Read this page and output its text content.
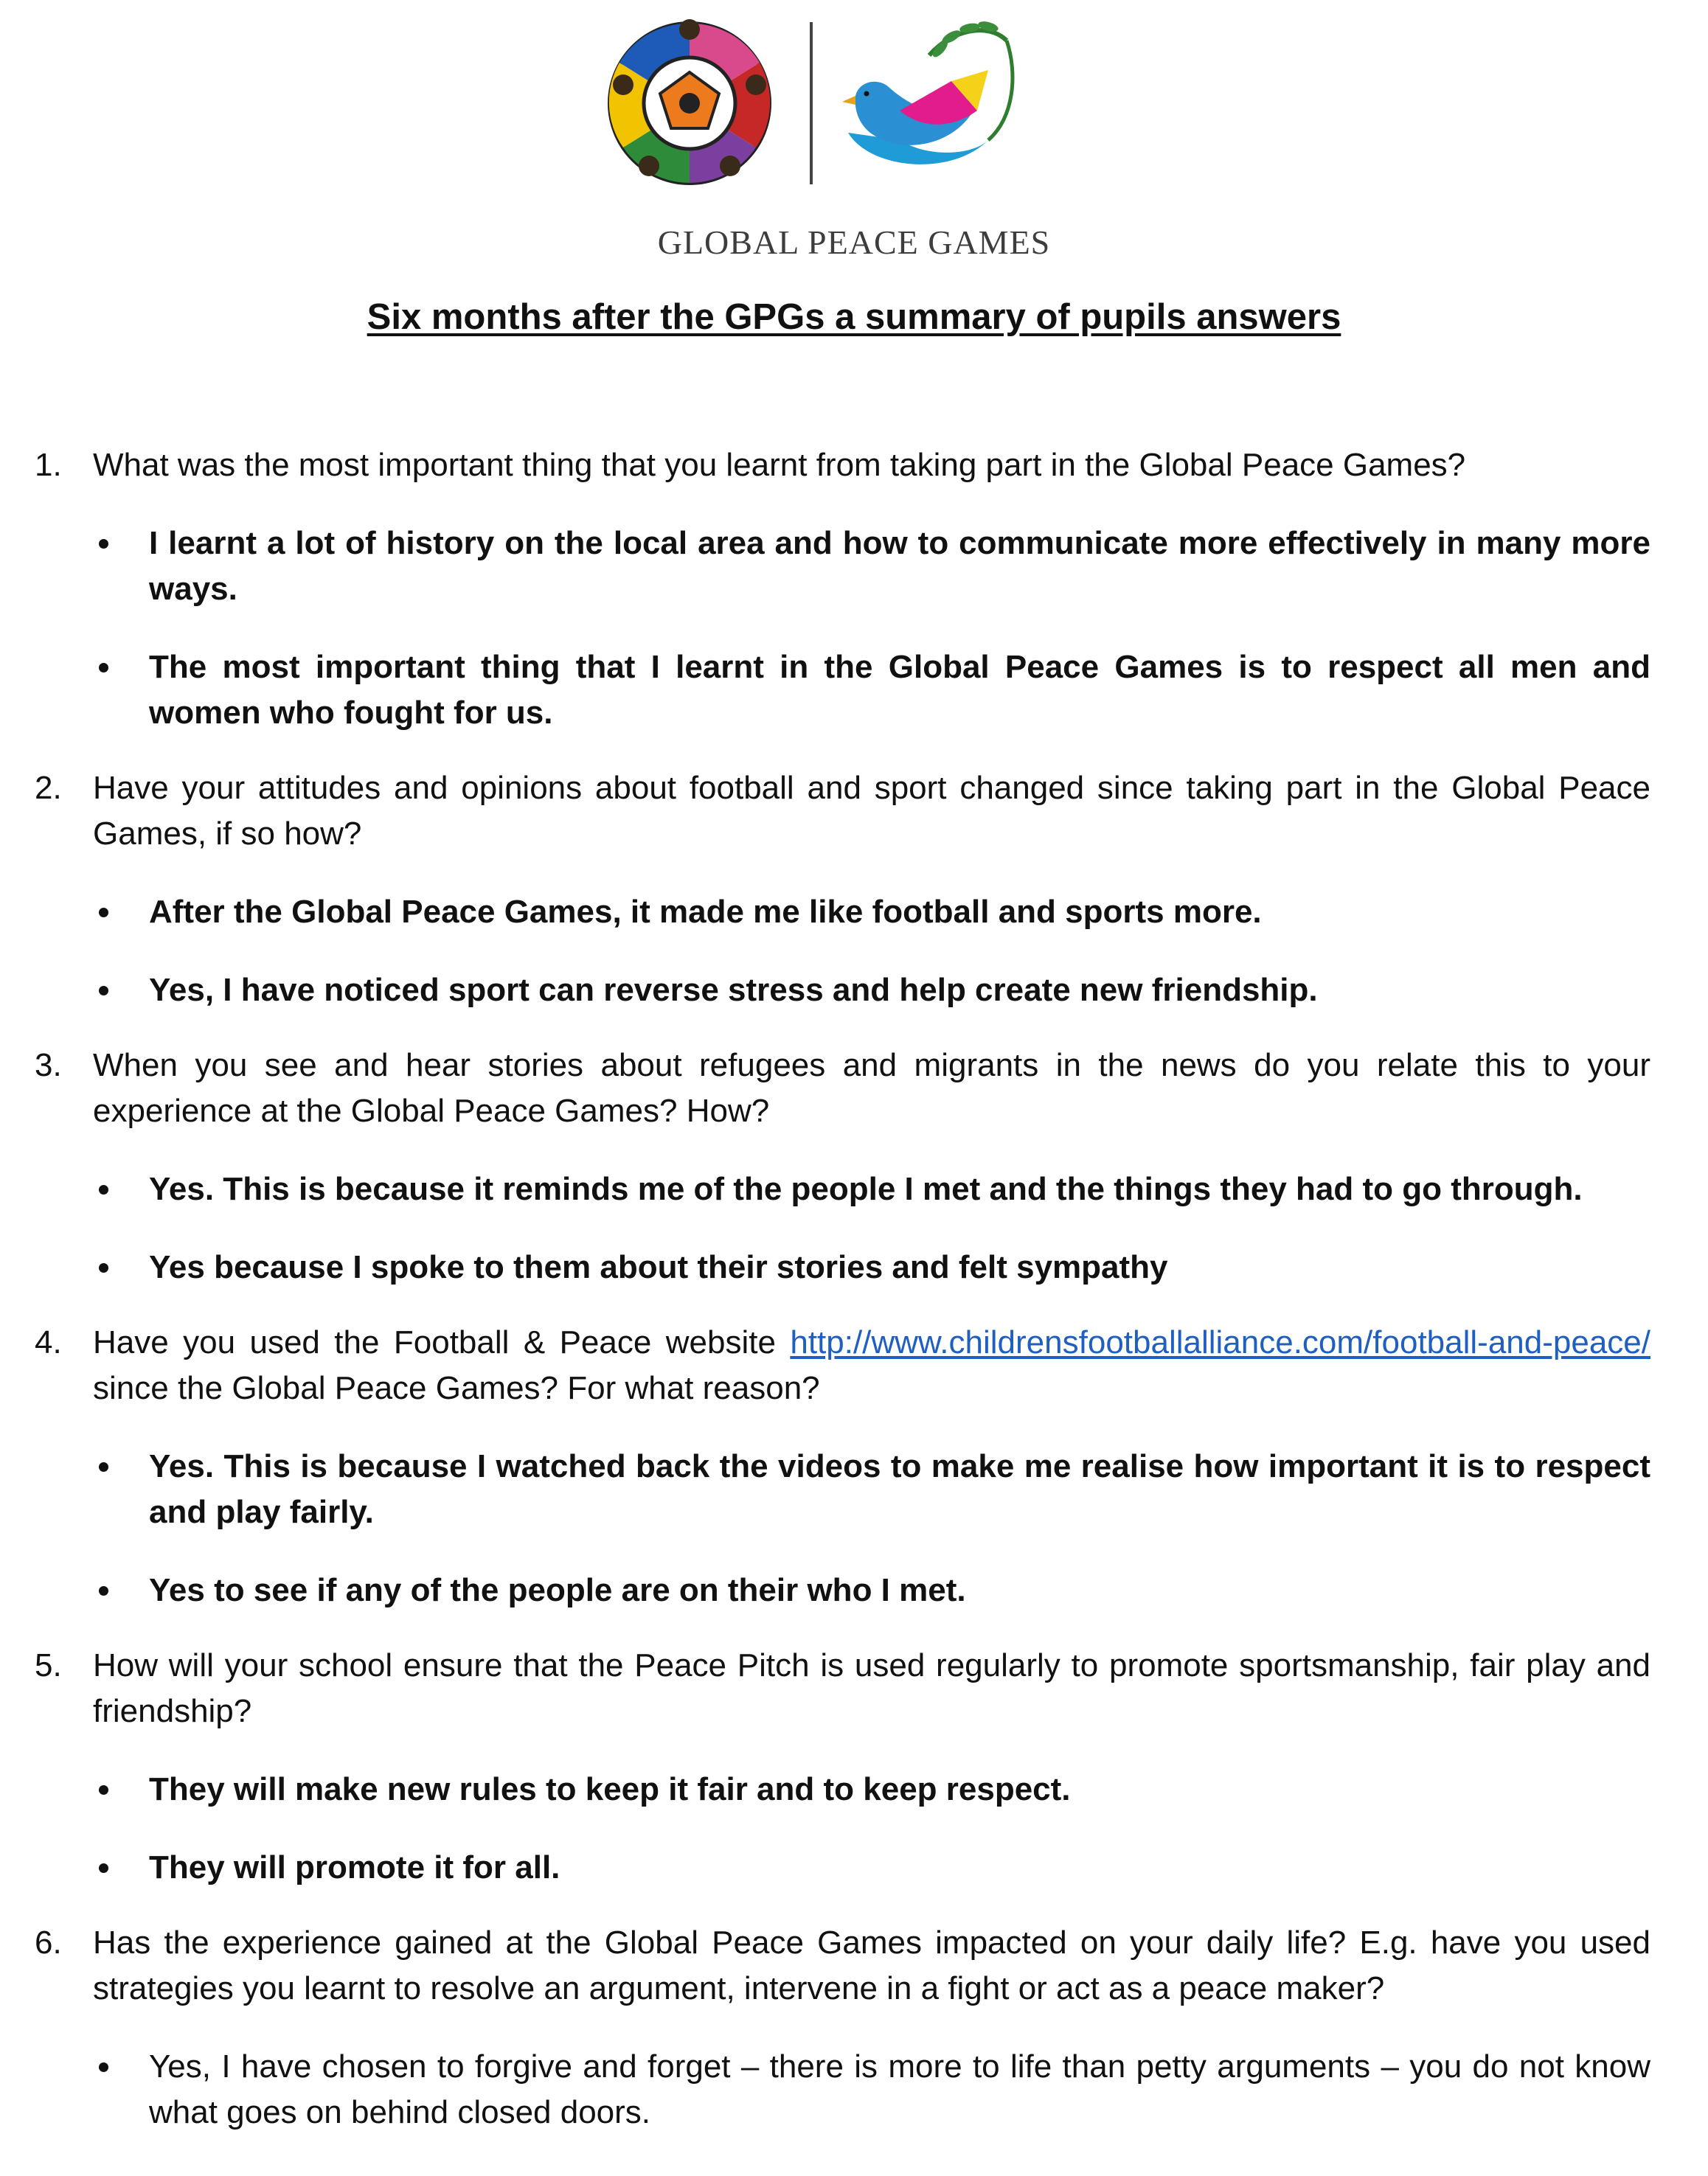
GLOBAL PEACE GAMES
Six months after the GPGs a summary of pupils answers
1. What was the most important thing that you learnt from taking part in the Global Peace Games?
I learnt a lot of history on the local area and how to communicate more effectively in many more ways.
The most important thing that I learnt in the Global Peace Games is to respect all men and women who fought for us.
2. Have your attitudes and opinions about football and sport changed since taking part in the Global Peace Games, if so how?
After the Global Peace Games, it made me like football and sports more.
Yes, I have noticed sport can reverse stress and help create new friendship.
3. When you see and hear stories about refugees and migrants in the news do you relate this to your experience at the Global Peace Games? How?
Yes. This is because it reminds me of the people I met and the things they had to go through.
Yes because I spoke to them about their stories and felt sympathy
4. Have you used the Football & Peace website http://www.childrensfootballalliance.com/football-and-peace/ since the Global Peace Games? For what reason?
Yes. This is because I watched back the videos to make me realise how important it is to respect and play fairly.
Yes to see if any of the people are on their who I met.
5. How will your school ensure that the Peace Pitch is used regularly to promote sportsmanship, fair play and friendship?
They will make new rules to keep it fair and to keep respect.
They will promote it for all.
6. Has the experience gained at the Global Peace Games impacted on your daily life? E.g. have you used strategies you learnt to resolve an argument, intervene in a fight or act as a peace maker?
Yes, I have chosen to forgive and forget – there is more to life than petty arguments – you do not know what goes on behind closed doors.
